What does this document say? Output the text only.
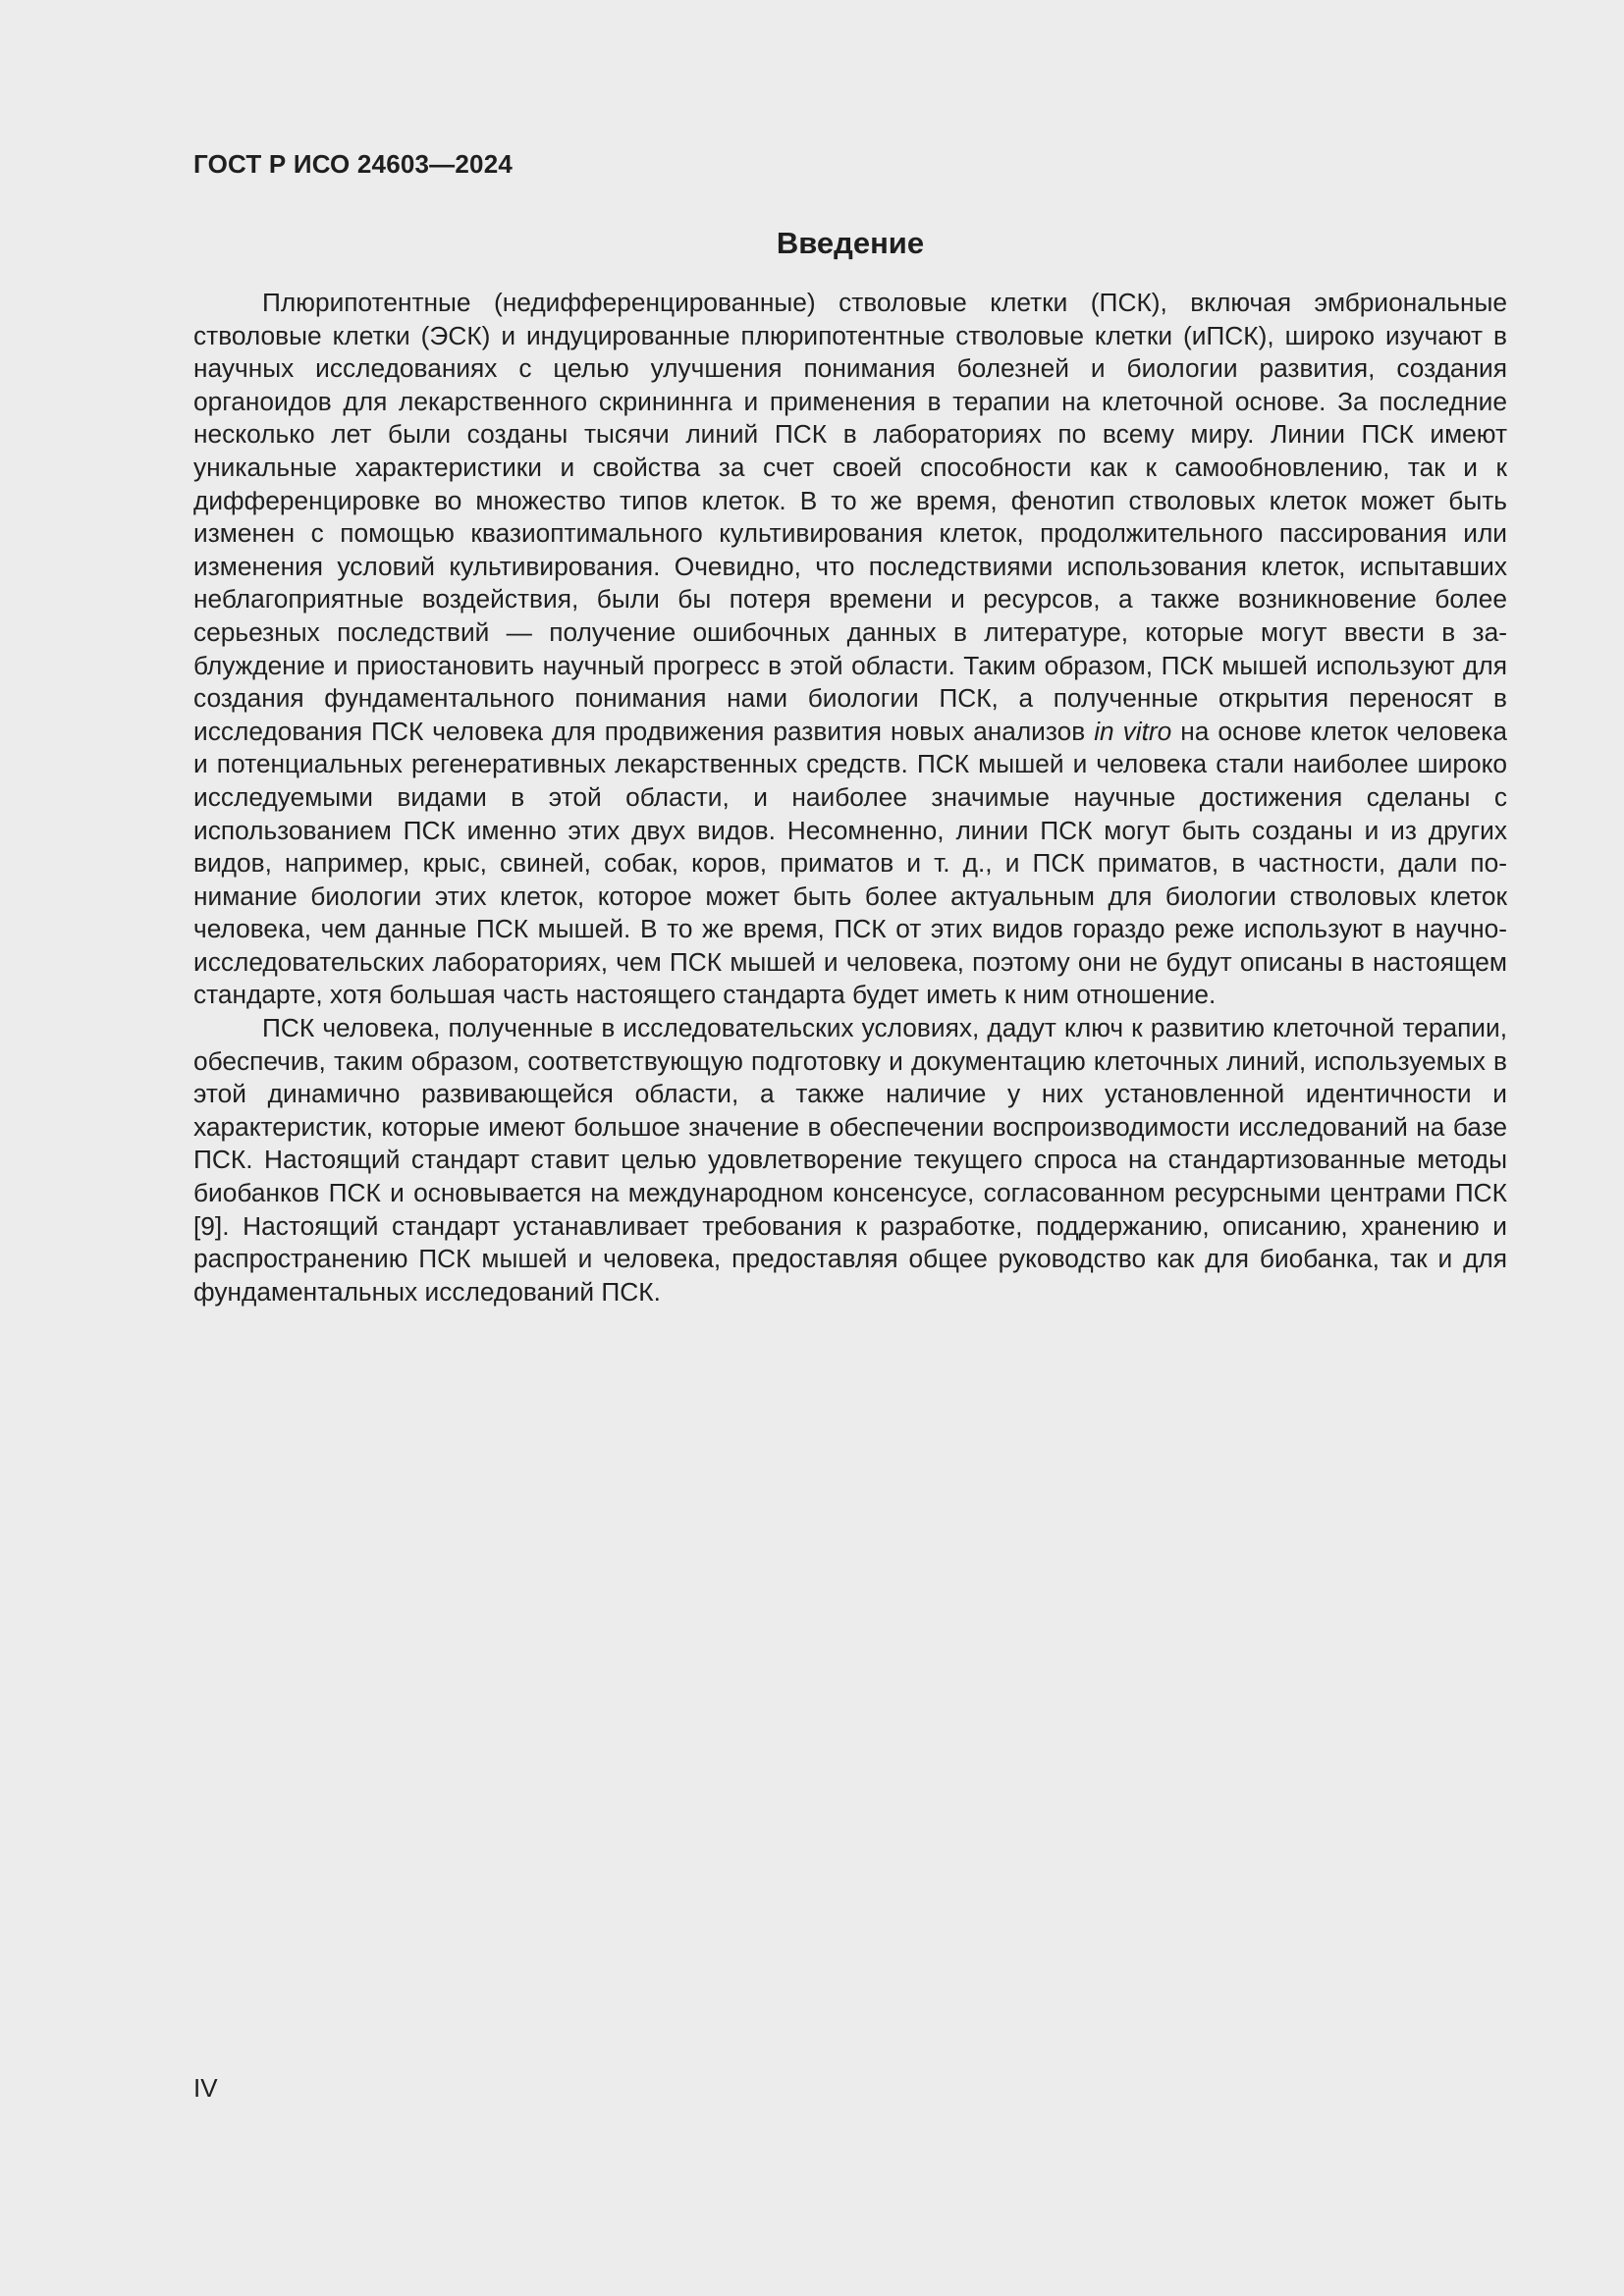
ГОСТ Р ИСО 24603—2024
Введение

Плюрипотентные (недифференцированные) стволовые клетки (ПСК), включая эмбриональные стволовые клетки (ЭСК) и индуцированные плюрипотентные стволовые клетки (иПСК), широко изучают в научных исследованиях с целью улучшения понимания болезней и биологии развития, создания органоидов для лекарственного скрининнга и применения в терапии на клеточной основе. За последние несколько лет были созданы тысячи линий ПСК в лабораториях по всему миру. Линии ПСК имеют уникальные характеристики и свойства за счет своей способности как к самообновлению, так и к дифференцировке во множество типов клеток. В то же время, фенотип стволовых клеток может быть изменен с помощью квазиоптимального культивирования клеток, продолжительного пассирования или изменения условий культивирования. Очевидно, что последствиями использования клеток, испытавших неблагоприятные воздействия, были бы потеря времени и ресурсов, а также возникновение более серьезных последствий — получение ошибочных данных в литературе, которые могут ввести в заблуждение и приостановить научный прогресс в этой области. Таким образом, ПСК мышей используют для создания фундаментального понимания нами биологии ПСК, а полученные открытия переносят в исследования ПСК человека для продвижения развития новых анализов in vitro на основе клеток человека и потенциальных регенеративных лекарственных средств. ПСК мышей и человека стали наиболее широко исследуемыми видами в этой области, и наиболее значимые научные достижения сделаны с использованием ПСК именно этих двух видов. Несомненно, линии ПСК могут быть созданы и из других видов, например, крыс, свиней, собак, коров, приматов и т. д., и ПСК приматов, в частности, дали понимание биологии этих клеток, которое может быть более актуальным для биологии стволовых клеток человека, чем данные ПСК мышей. В то же время, ПСК от этих видов гораздо реже используют в научно-исследовательских лабораториях, чем ПСК мышей и человека, поэтому они не будут описаны в настоящем стандарте, хотя большая часть настоящего стандарта будет иметь к ним отношение.

ПСК человека, полученные в исследовательских условиях, дадут ключ к развитию клеточной терапии, обеспечив, таким образом, соответствующую подготовку и документацию клеточных линий, используемых в этой динамично развивающейся области, а также наличие у них установленной идентичности и характеристик, которые имеют большое значение в обеспечении воспроизводимости исследований на базе ПСК. Настоящий стандарт ставит целью удовлетворение текущего спроса на стандартизованные методы биобанков ПСК и основывается на международном консенсусе, согласованном ресурсными центрами ПСК [9]. Настоящий стандарт устанавливает требования к разработке, поддержанию, описанию, хранению и распространению ПСК мышей и человека, предоставляя общее руководство как для биобанка, так и для фундаментальных исследований ПСК.

IV
